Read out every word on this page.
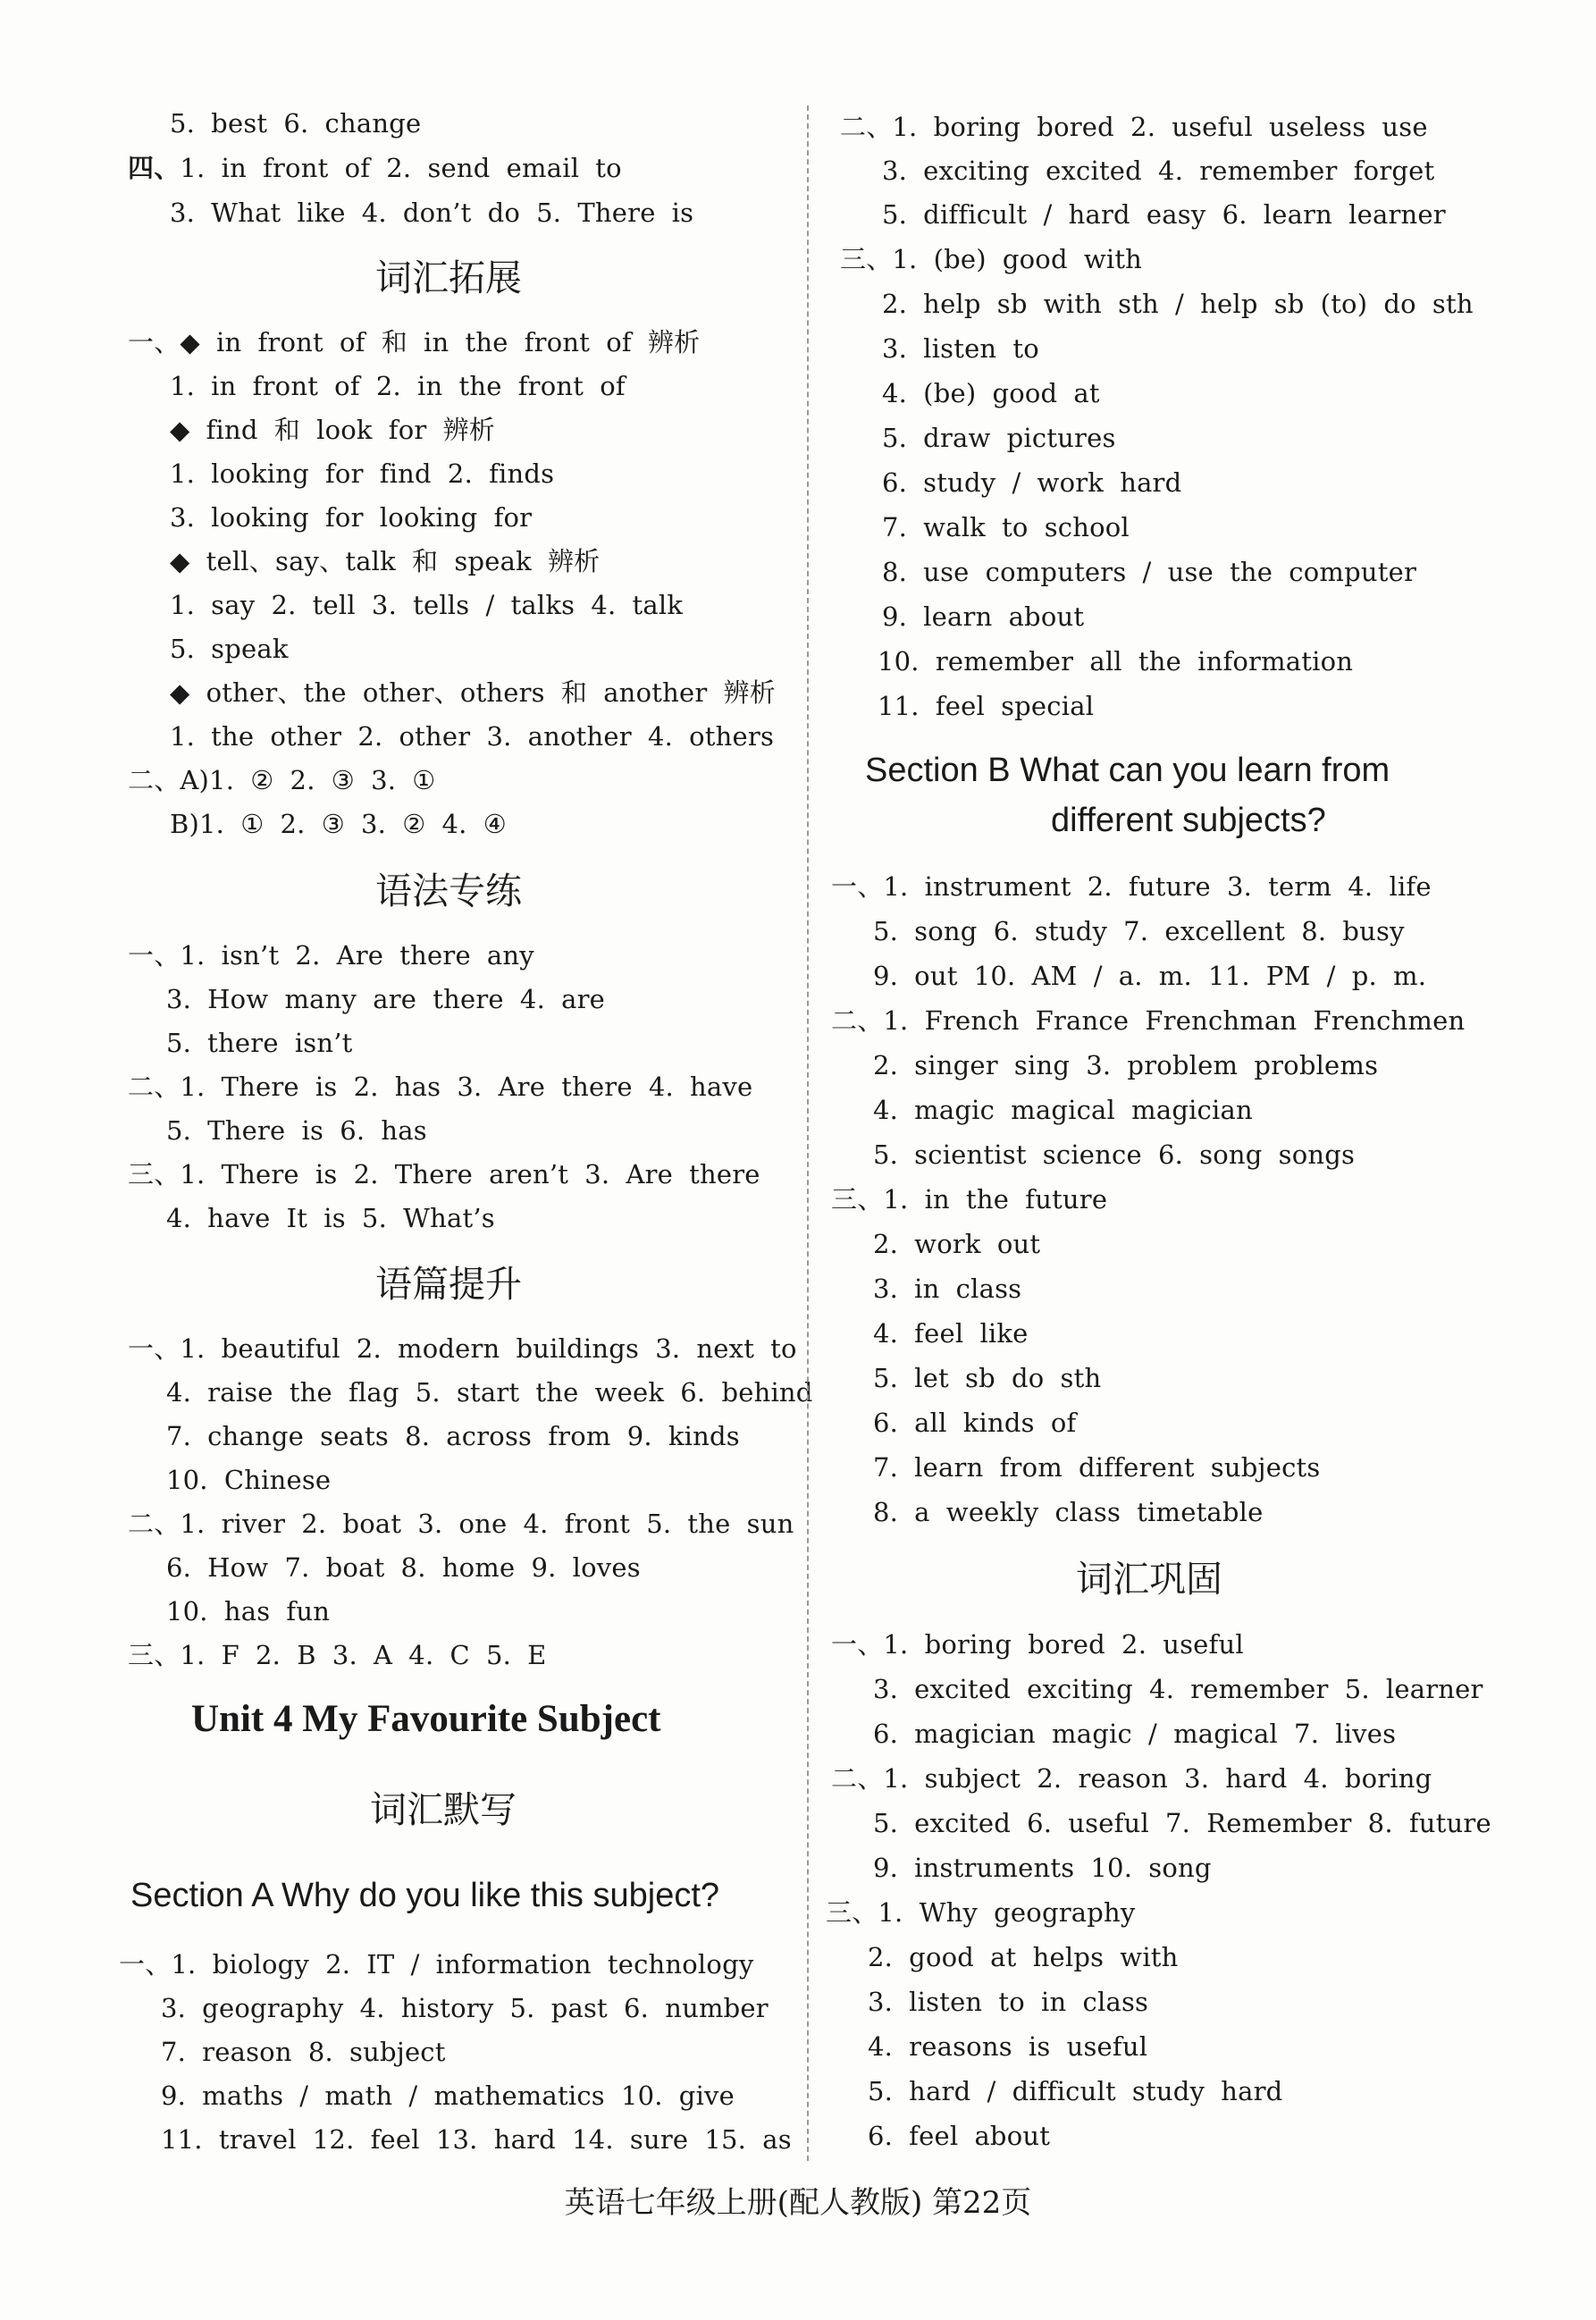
5. best 6. change
四、1. in front of 2. send email to
3. What like 4. don’t do 5. There is
词汇拓展
一、◆ in front of 和 in the front of 辨析
1. in front of 2. in the front of
◆ find 和 look for 辨析
1. looking for find 2. finds
3. looking for looking for
◆ tell、say、talk 和 speak 辨析
1. say 2. tell 3. tells / talks 4. talk
5. speak
◆ other、the other、others 和 another 辨析
1. the other 2. other 3. another 4. others
二、A)1. ② 2. ③ 3. ①
B)1. ① 2. ③ 3. ② 4. ④
语法专练
一、1. isn’t 2. Are there any
3. How many are there 4. are
5. there isn’t
二、1. There is 2. has 3. Are there 4. have
5. There is 6. has
三、1. There is 2. There aren’t 3. Are there
4. have It is 5. What’s
语篇提升
一、1. beautiful 2. modern buildings 3. next to
4. raise the flag 5. start the week 6. behind
7. change seats 8. across from 9. kinds
10. Chinese
二、1. river 2. boat 3. one 4. front 5. the sun
6. How 7. boat 8. home 9. loves
10. has fun
三、1. F 2. B 3. A 4. C 5. E
Unit 4 My Favourite Subject
词汇默写
Section A Why do you like this subject?
一、1. biology 2. IT / information technology
3. geography 4. history 5. past 6. number
7. reason 8. subject
9. maths / math / mathematics 10. give
11. travel 12. feel 13. hard 14. sure 15. as
二、1. boring bored 2. useful useless use
3. exciting excited 4. remember forget
5. difficult / hard easy 6. learn learner
三、1. (be) good with
2. help sb with sth / help sb (to) do sth
3. listen to
4. (be) good at
5. draw pictures
6. study / work hard
7. walk to school
8. use computers / use the computer
9. learn about
10. remember all the information
11. feel special
Section B What can you learn from
different subjects?
一、1. instrument 2. future 3. term 4. life
5. song 6. study 7. excellent 8. busy
9. out 10. AM / a. m. 11. PM / p. m.
二、1. French France Frenchman Frenchmen
2. singer sing 3. problem problems
4. magic magical magician
5. scientist science 6. song songs
三、1. in the future
2. work out
3. in class
4. feel like
5. let sb do sth
6. all kinds of
7. learn from different subjects
8. a weekly class timetable
词汇巩固
一、1. boring bored 2. useful
3. excited exciting 4. remember 5. learner
6. magician magic / magical 7. lives
二、1. subject 2. reason 3. hard 4. boring
5. excited 6. useful 7. Remember 8. future
9. instruments 10. song
三、1. Why geography
2. good at helps with
3. listen to in class
4. reasons is useful
5. hard / difficult study hard
6. feel about
英语七年级上册(配人教版) 第22页
